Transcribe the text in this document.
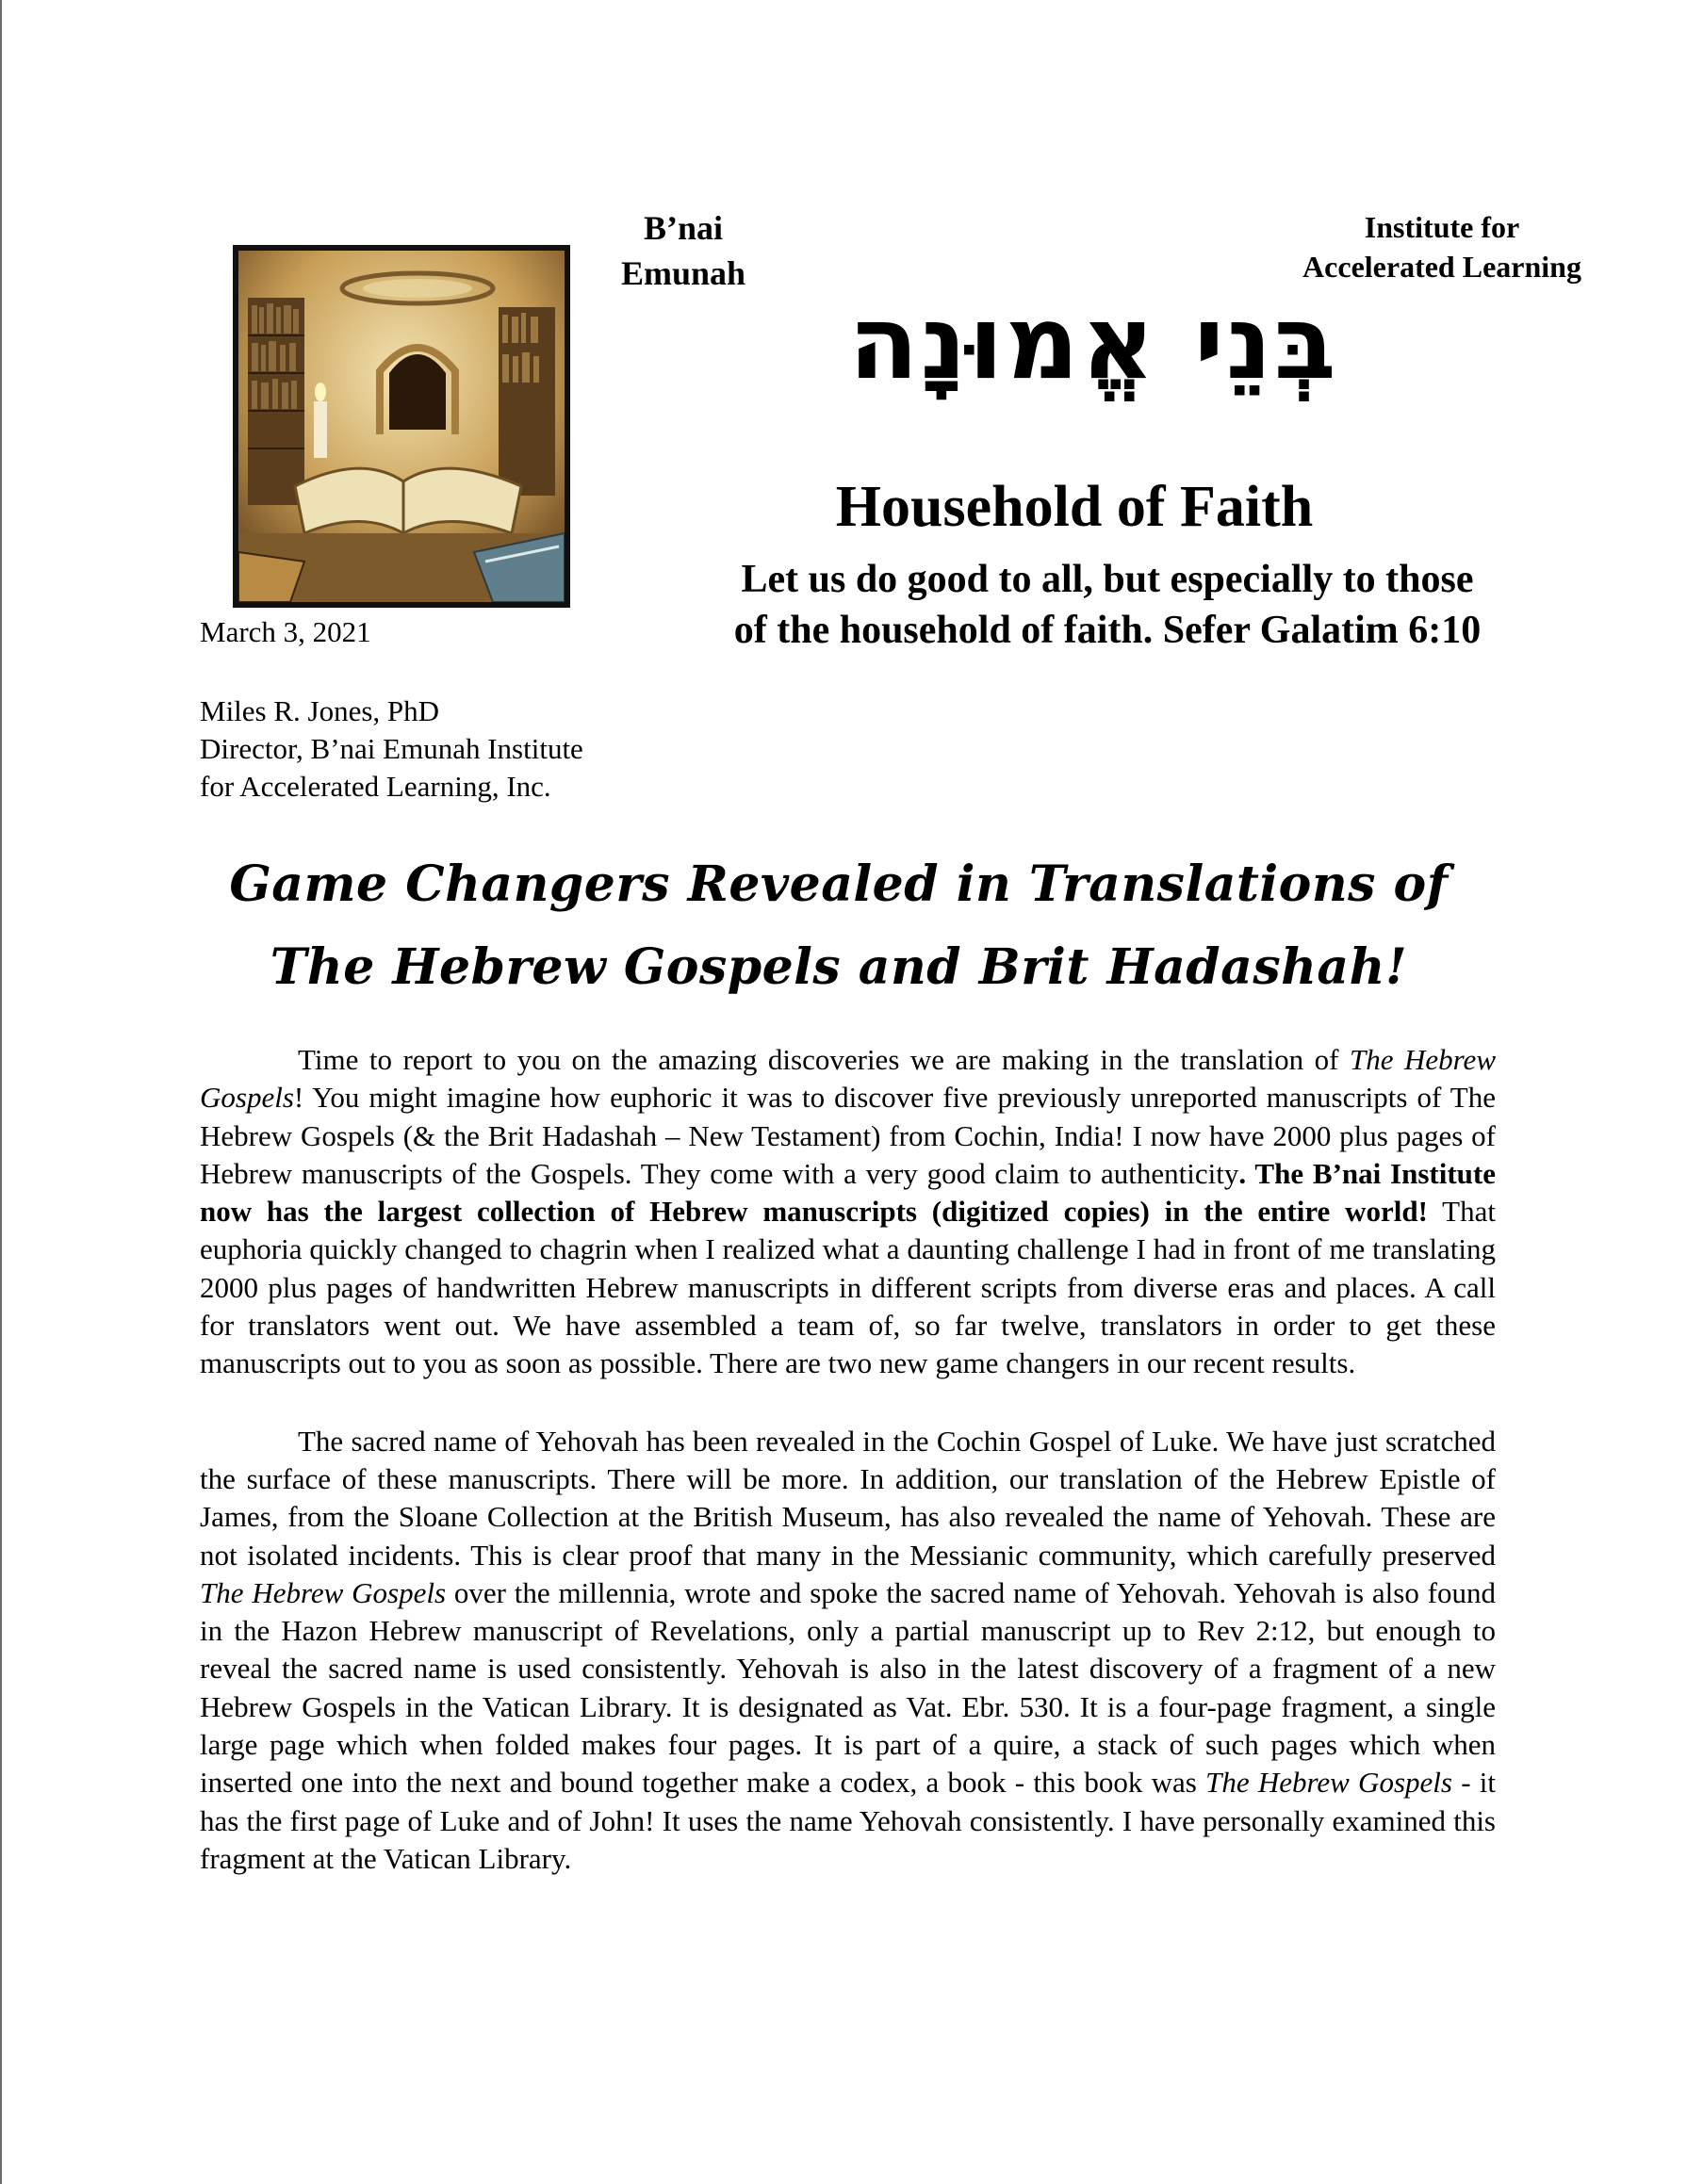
B’nai
Emunah
Institute for
Accelerated Learning
בְּנֵי אֱמוּנָה
Household of Faith
Let us do good to all, but especially to those
of the household of faith. Sefer Galatim 6:10
March 3, 2021
Miles R. Jones, PhD
Director, B’nai Emunah Institute
for Accelerated Learning, Inc.
Game Changers Revealed in Translations of
The Hebrew Gospels and Brit Hadashah!

Time to report to you on the amazing discoveries we are making in the translation of The Hebrew Gospels! You might imagine how euphoric it was to discover five previously unreported manuscripts of The Hebrew Gospels (& the Brit Hadashah – New Testament) from Cochin, India! I now have 2000 plus pages of Hebrew manuscripts of the Gospels. They come with a very good claim to authenticity. The B’nai Institute now has the largest collection of Hebrew manuscripts (digitized copies) in the entire world! That euphoria quickly changed to chagrin when I realized what a daunting challenge I had in front of me translating 2000 plus pages of handwritten Hebrew manuscripts in different scripts from diverse eras and places. A call for translators went out. We have assembled a team of, so far twelve, translators in order to get these manuscripts out to you as soon as possible. There are two new game changers in our recent results.

The sacred name of Yehovah has been revealed in the Cochin Gospel of Luke. We have just scratched the surface of these manuscripts. There will be more. In addition, our translation of the Hebrew Epistle of James, from the Sloane Collection at the British Museum, has also revealed the name of Yehovah. These are not isolated incidents. This is clear proof that many in the Messianic community, which carefully preserved The Hebrew Gospels over the millennia, wrote and spoke the sacred name of Yehovah. Yehovah is also found in the Hazon Hebrew manuscript of Revelations, only a partial manuscript up to Rev 2:12, but enough to reveal the sacred name is used consistently. Yehovah is also in the latest discovery of a fragment of a new Hebrew Gospels in the Vatican Library. It is designated as Vat. Ebr. 530. It is a four-page fragment, a single large page which when folded makes four pages. It is part of a quire, a stack of such pages which when inserted one into the next and bound together make a codex, a book - this book was The Hebrew Gospels - it has the first page of Luke and of John! It uses the name Yehovah consistently. I have personally examined this fragment at the Vatican Library.
